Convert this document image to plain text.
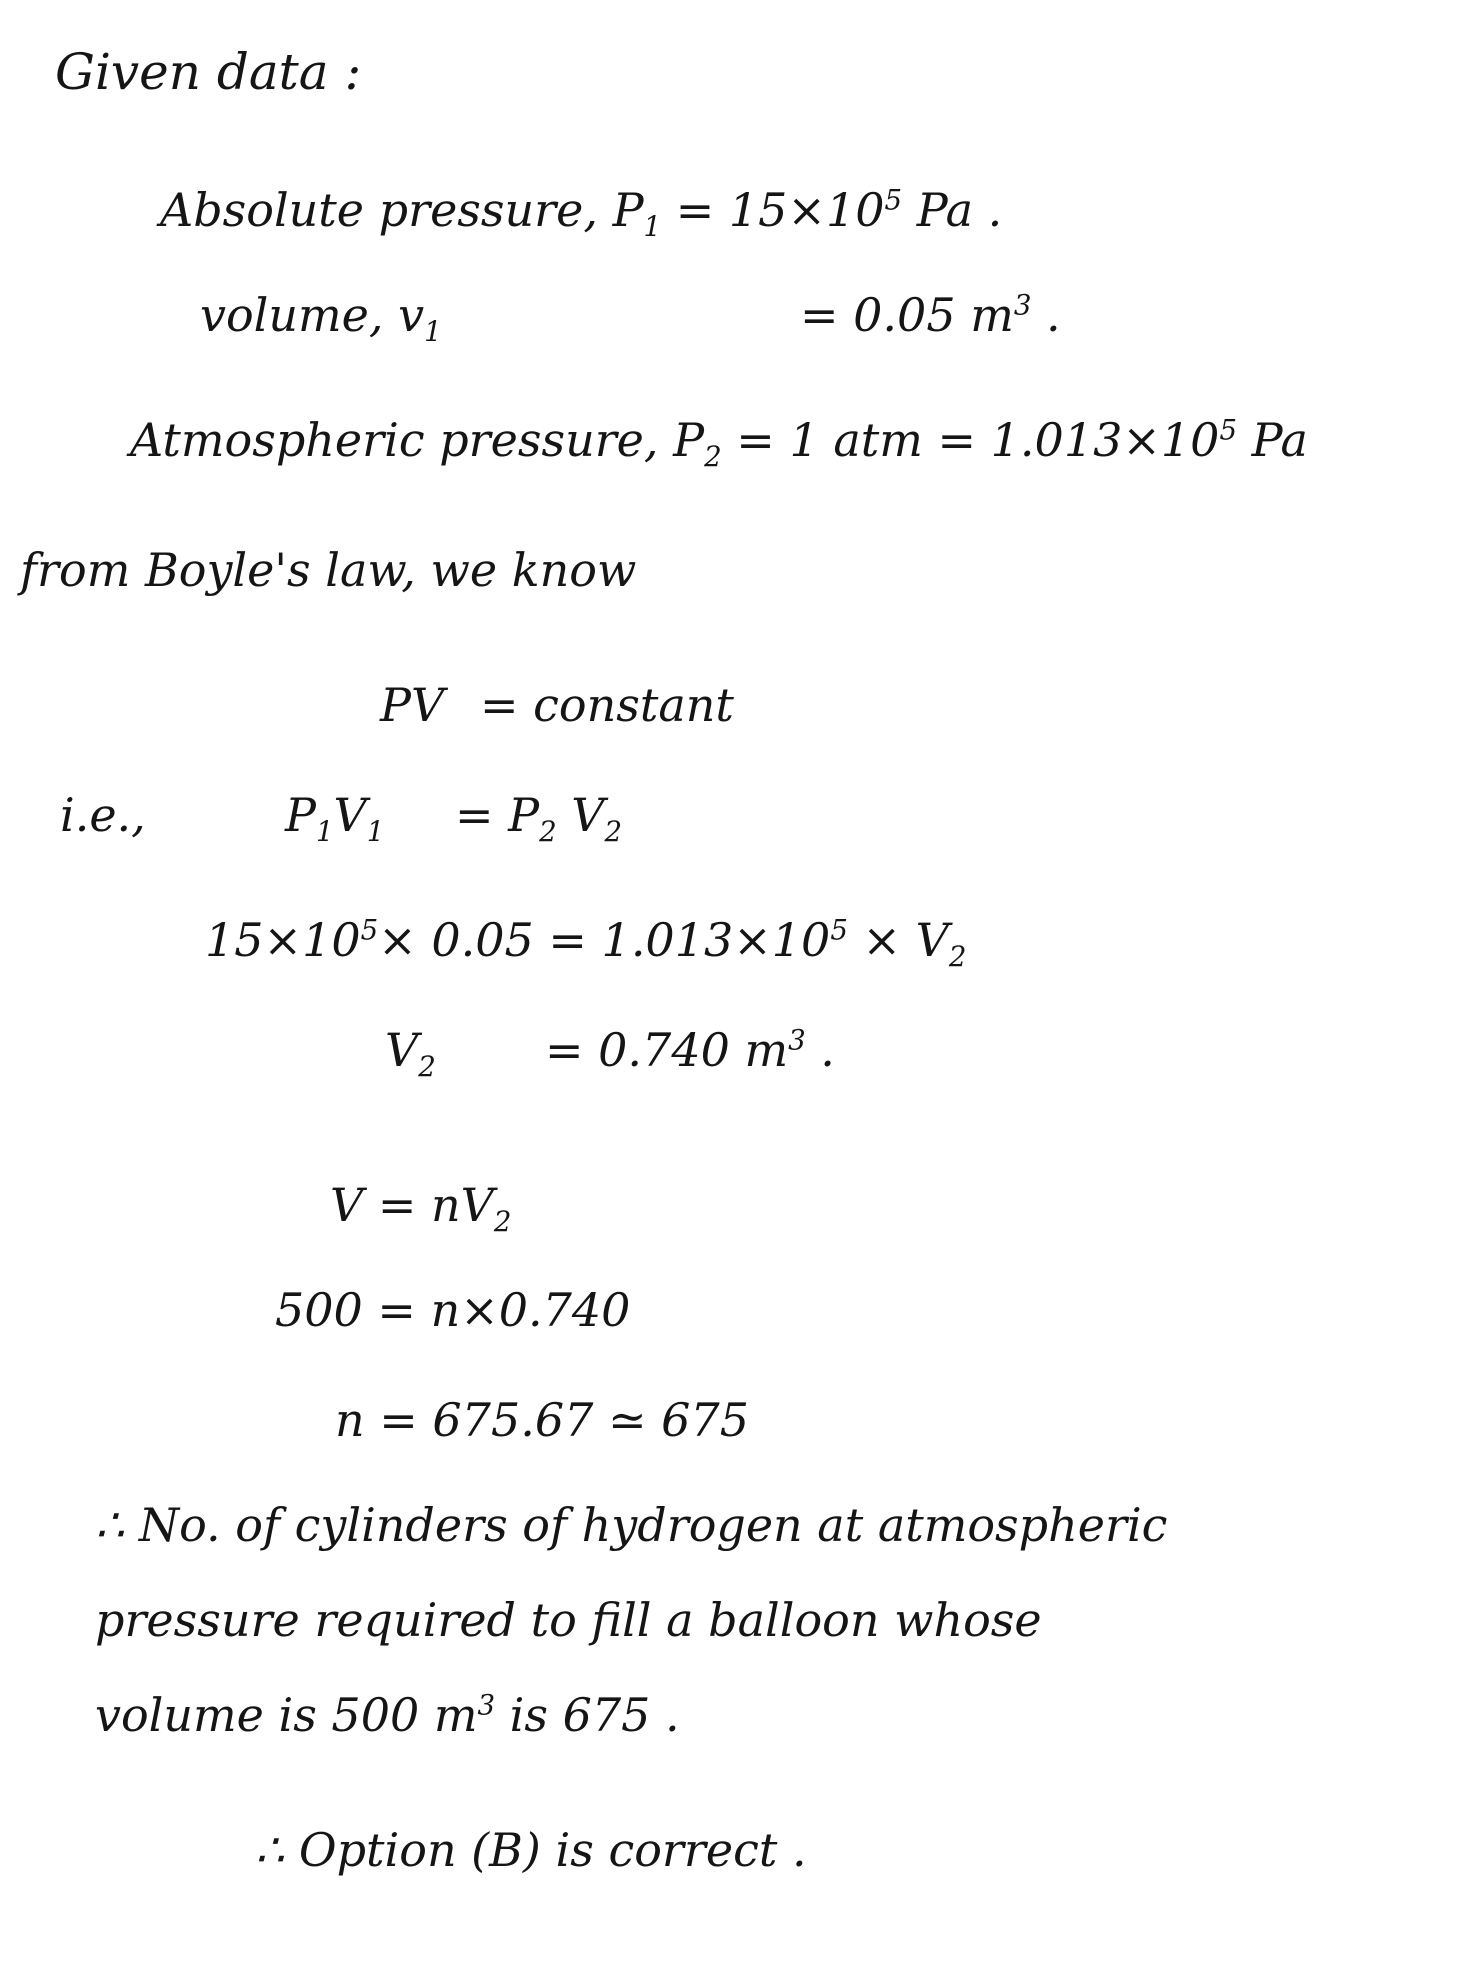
Given data :
Absolute pressure, $P_1 = 15\times 10^5$ Pa .
volume, $v_1$	= 0.05 $m^3$ .
Atmospheric pressure, $P_2 = 1$ atm = $1.013\times 10^5$ Pa
from Boyle's law, we know
PV = constant
i.e.,	$P_1V_1 = P_2$ $V_2$
$15\times 10^5\times 0.05 = 1.013\times 10^5 \times V_2$
$V_2 = 0.740$ $m^3$ .
$V = nV_2$
500 = n×0.740
n = 675.67 ≃ 675
∴ No. of cylinders of hydrogen at atmospheric
pressure required to fill a balloon whose
volume is 500 $m^3$ is 675 .
∴ Option (B) is correct .
